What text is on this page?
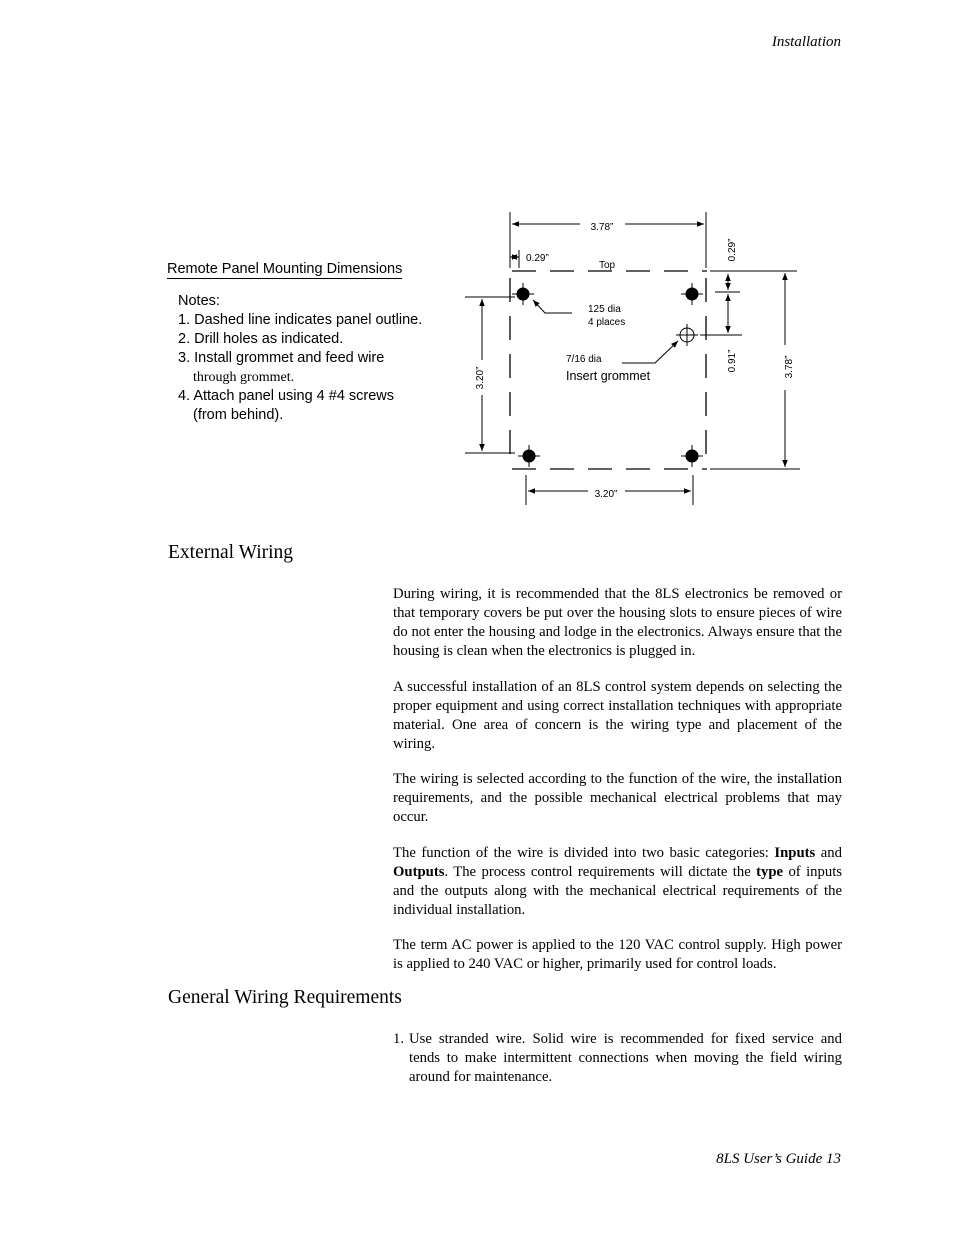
Installation
Remote Panel Mounting Dimensions
Notes:
1. Dashed line indicates panel outline.
2. Drill holes as indicated.
3. Install grommet and feed wire
through grommet.
4. Attach panel using 4 #4 screws
(from behind).
3.78”
0.29”
Top
125 dia
4 places
7/16 dia
Insert grommet
3.20”
0.29”
0.91”	3.78”
3.20”
External Wiring

During wiring, it is recommended that the 8LS electronics be removed or that temporary covers be put over the housing slots to ensure pieces of wire do not enter the housing and lodge in the electronics. Always ensure that the housing is clean when the electronics is plugged in.

A successful installation of an 8LS control system depends on selecting the proper equipment and using correct installation techniques with appropriate material. One area of concern is the wiring type and placement of the wiring.

The wiring is selected according to the function of the wire, the installation requirements, and the possible mechanical electrical problems that may occur.

The function of the wire is divided into two basic categories: Inputs and Outputs. The process control requirements will dictate the type of inputs and the outputs along with the mechanical electrical requirements of the individual installation.

The term AC power is applied to the 120 VAC control supply. High power is applied to 240 VAC or higher, primarily used for control loads.

General Wiring Requirements
1. Use stranded wire. Solid wire is recommended for fixed service and tends to make intermittent connections when moving the field wiring around for maintenance.
8LS User’s Guide 13
